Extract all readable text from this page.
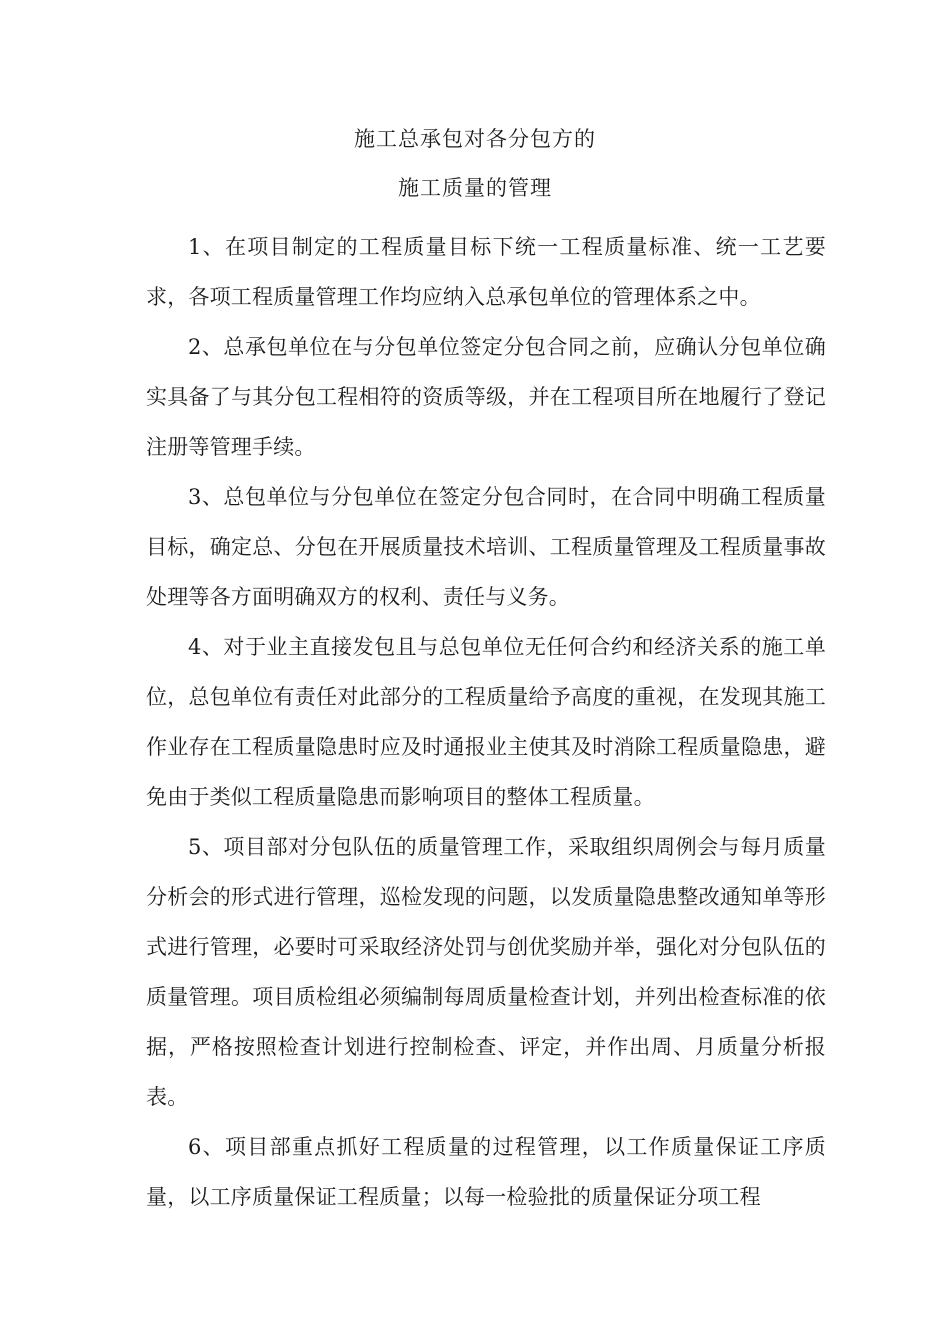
施工总承包对各分包方的
施工质量的管理

1、在项目制定的工程质量目标下统一工程质量标准、统一工艺要求，各项工程质量管理工作均应纳入总承包单位的管理体系之中。

2、总承包单位在与分包单位签定分包合同之前，应确认分包单位确实具备了与其分包工程相符的资质等级，并在工程项目所在地履行了登记注册等管理手续。

3、总包单位与分包单位在签定分包合同时，在合同中明确工程质量目标，确定总、分包在开展质量技术培训、工程质量管理及工程质量事故处理等各方面明确双方的权利、责任与义务。

4、对于业主直接发包且与总包单位无任何合约和经济关系的施工单位，总包单位有责任对此部分的工程质量给予高度的重视，在发现其施工作业存在工程质量隐患时应及时通报业主使其及时消除工程质量隐患，避免由于类似工程质量隐患而影响项目的整体工程质量。

5、项目部对分包队伍的质量管理工作，采取组织周例会与每月质量分析会的形式进行管理，巡检发现的问题，以发质量隐患整改通知单等形式进行管理，必要时可采取经济处罚与创优奖励并举，强化对分包队伍的质量管理。项目质检组必须编制每周质量检查计划，并列出检查标准的依据，严格按照检查计划进行控制检查、评定，并作出周、月质量分析报表。

6、项目部重点抓好工程质量的过程管理，以工作质量保证工序质量，以工序质量保证工程质量；以每一检验批的质量保证分项工程
